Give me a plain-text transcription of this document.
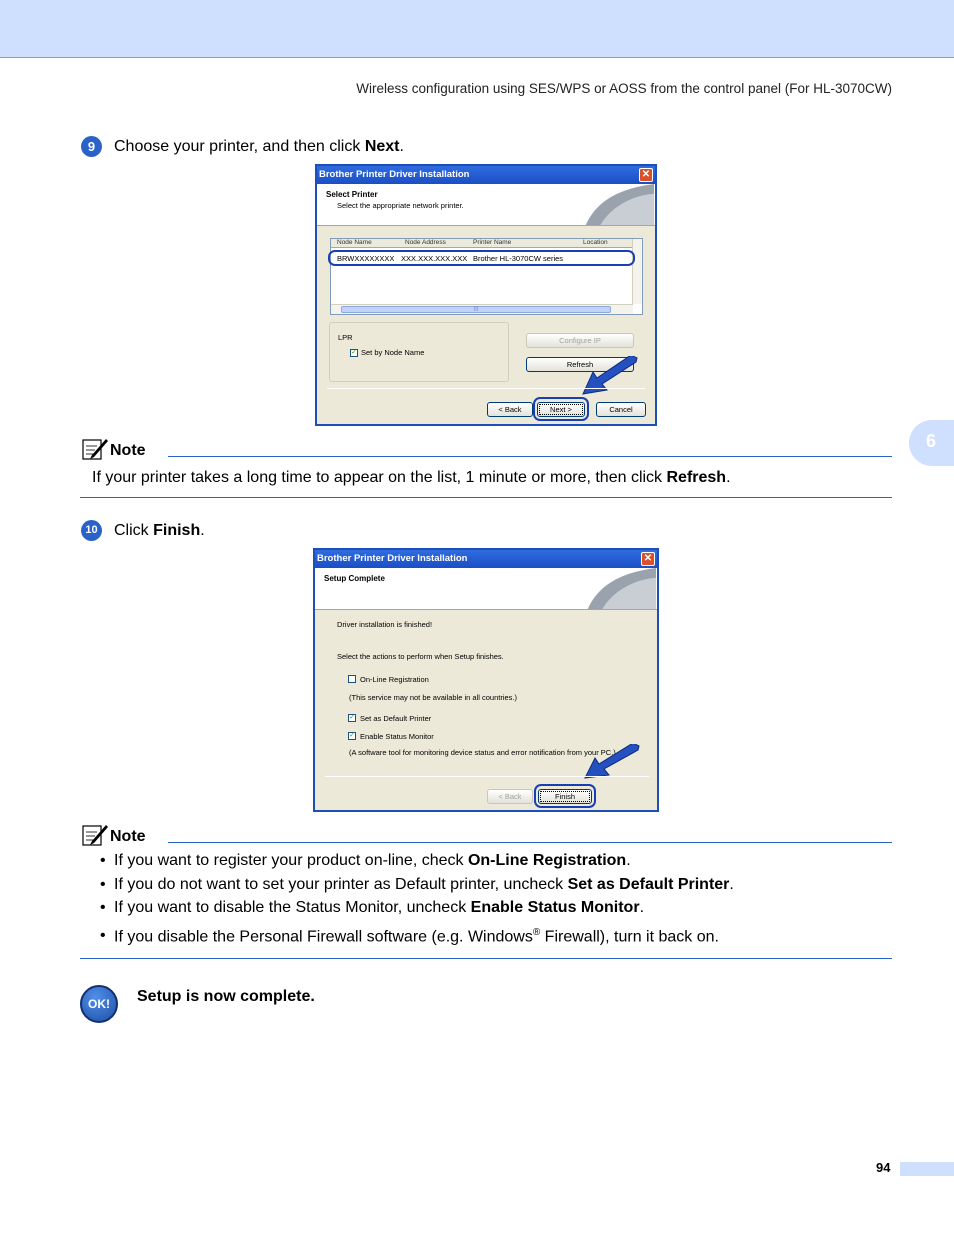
Wireless configuration using SES/WPS or AOSS from the control panel (For HL-3070CW)
6
9	Choose your printer, and then click Next.
Brother Printer Driver Installation	✕
Select Printer
Select the appropriate network printer.
Node Name	Node Address	Printer Name	Location
BRWXXXXXXXX XXX.XXX.XXX.XXX Brother HL-3070CW series
|||
LPR
✓ Set by Node Name
Configure IP
Refresh
< Back	Next >	Cancel
Note
If your printer takes a long time to appear on the list, 1 minute or more, then click Refresh.
10 Click Finish.
Brother Printer Driver Installation	✕
Setup Complete
Driver installation is finished!
Select the actions to perform when Setup finishes.
On-Line Registration
(This service may not be available in all countries.)
✓ Set as Default Printer
✓ Enable Status Monitor
(A software tool for monitoring device status and error notification from your PC.)
< Back	Finish
Note
• If you want to register your product on-line, check On-Line Registration.
• If you do not want to set your printer as Default printer, uncheck Set as Default Printer.
• If you want to disable the Status Monitor, uncheck Enable Status Monitor.
• If you disable the Personal Firewall software (e.g. Windows® Firewall), turn it back on.
OK!	Setup is now complete.
94
